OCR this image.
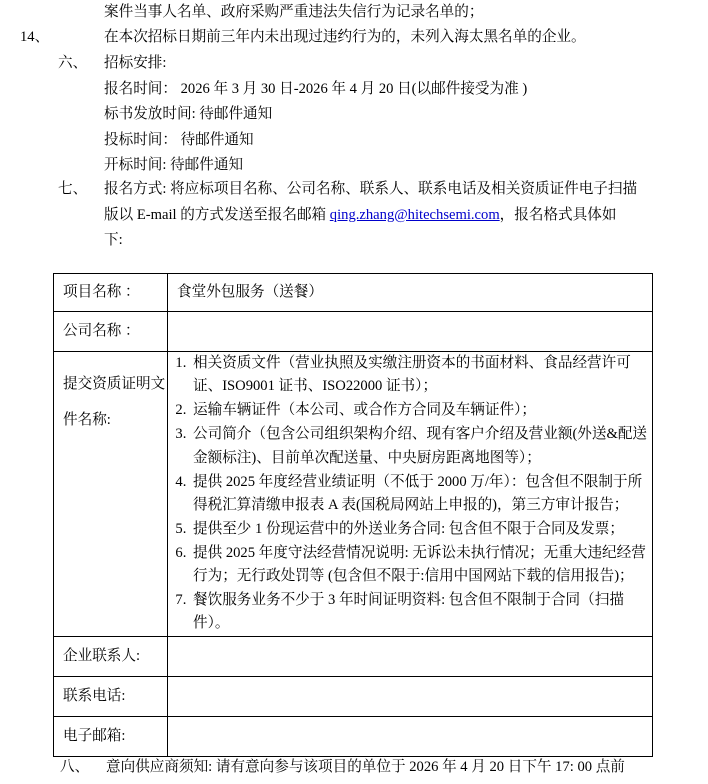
案件当事人名单、政府采购严重违法失信行为记录名单的；
14、	在本次招标日期前三年内未出现过违约行为的，未列入海太黑名单的企业。
六、	招标安排:
报名时间： 2026 年 3 月 30 日-2026 年 4 月 20 日(以邮件接受为准 )
标书发放时间: 待邮件通知
投标时间： 待邮件通知
开标时间: 待邮件通知
七、	报名方式: 将应标项目名称、公司名称、联系人、联系电话及相关资质证件电子扫描
版以 E-mail 的方式发送至报名邮箱 qing.zhang@hitechsemi.com，报名格式具体如
下:
项目名称 ：	食堂外包服务（送餐）
公司名称 ：	

提交资质证明文
件名称:

1. 相关资质文件（营业执照及实缴注册资本的书面材料、食品经营许可证、ISO9001 证书、ISO22000 证书）；
2. 运输车辆证件（本公司、或合作方合同及车辆证件）；
3. 公司简介（包含公司组织架构介绍、现有客户介绍及营业额(外送&配送金额标注)、目前单次配送量、中央厨房距离地图等）；
4. 提供 2025 年度经营业绩证明（不低于 2000 万/年）：包含但不限制于所得税汇算清缴申报表 A 表(国税局网站上申报的)，第三方审计报告；
5. 提供至少 1 份现运营中的外送业务合同: 包含但不限于合同及发票；
6. 提供 2025 年度守法经营情况说明: 无诉讼未执行情况；无重大违纪经营行为；无行政处罚等 (包含但不限于:信用中国网站下载的信用报告)；
7. 餐饮服务业务不少于 3 年时间证明资料: 包含但不限制于合同（扫描件）。

企业联系人:	
联系电话:	
电子邮箱:	
八、	意向供应商须知: 请有意向参与该项目的单位于 2026 年 4 月 20 日下午 17: 00 点前
